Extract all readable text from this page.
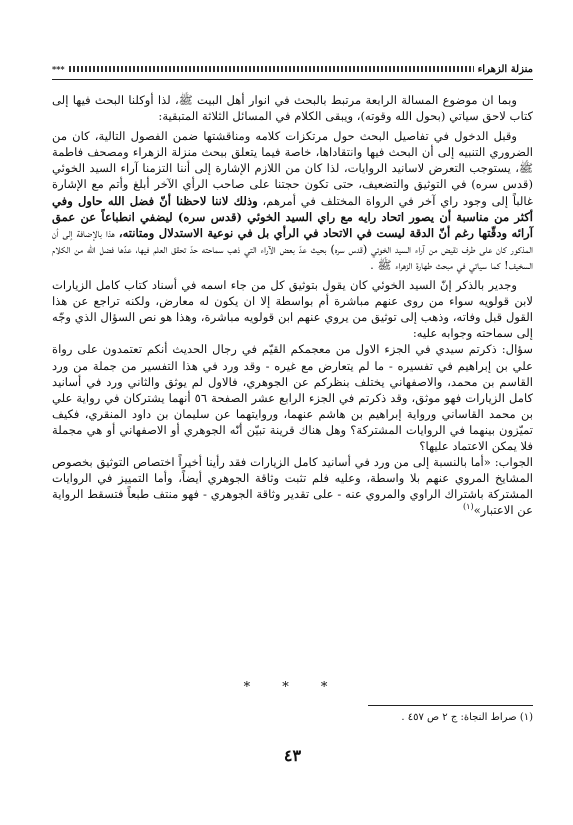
منزلة الزهراء
***

وبما ان موضوع المسالة الرابعة مرتبط بالبحث في انوار أهل البيت ﷺ، لذا أوكلنا البحث فيها إلى كتاب لاحق سياتي (بحول الله وقوته)، ويبقى الكلام في المسائل الثلاثة المتبقية:

وقبل الدخول في تفاصيل البحث حول مرتكزات كلامه ومناقشتها ضمن الفصول التالية، كان من الضروري التنبيه إلى أن البحث فيها وانتقاداها، خاصة فيما يتعلق ببحث منزلة الزهراء ومصحف فاطمة ﷺ، يستوجب التعرض لاسانيد الروايات، لذا كان من اللازم الإشارة إلى أننا التزمنا آراء السيد الخوئي (قدس سره) في التوثيق والتضعيف، حتى تكون حجتنا على صاحب الرأي الآخر أبلغ وأتم مع الإشارة غالباً إلى وجود راي آخر في الرواة المختلف في أمرهم، وذلك لاننا لاحظنا أنّ فضل الله حاول وفي أكثر من مناسبة أن يصور اتحاد رايه مع راي السيد الخوئي (قدس سره) ليضفي انطباعاً عن عمق آرائه ودقّتها رغم أنّ الدقة ليست في الاتحاد في الرأي بل في نوعية الاستدلال ومتانته، هذا بالإضافة إلى أن المذكور كان على طرف نقيض من آراء السيد الخوئي (قدس سره) بحيث عدّ بعض الآراء التي ذهب سماحته حدّ تحقق العلم فيها، عدّها فضل الله من الكلام السخيف! كما سياتي في مبحث طهارة الزهراء ﷺ .

وجدير بالذكر إنّ السيد الخوئي كان يقول بتوثيق كل من جاء اسمه في أسناد كتاب كامل الزيارات لابن قولويه سواء من روى عنهم مباشرة أم بواسطة إلا ان يكون له معارض، ولكنه تراجع عن هذا القول قبل وفاته، وذهب إلى توثيق من يروي عنهم ابن قولويه مباشرة، وهذا هو نص السؤال الذي وجّه إلى سماحته وجوابه عليه:

سؤال: ذكرتم سيدي في الجزء الاول من معجمكم القيّم في رجال الحديث أنكم تعتمدون على رواة علي بن إبراهيم في تفسيره - ما لم يتعارض مع غيره - وقد ورد في هذا التفسير من جملة من ورد القاسم بن محمد، والاصفهاني يختلف بنظركم عن الجوهري، فالاول لم يوثق والثاني ورد في أسانيد كامل الزيارات فهو موثق، وقد ذكرتم في الجزء الرابع عشر الصفحة ٥٦ أنهما يشتركان في رواية علي بن محمد القاساني ورواية إبراهيم بن هاشم عنهما، وروايتهما عن سليمان بن داود المنقري، فكيف تميّزون بينهما في الروايات المشتركة؟ وهل هناك قرينة تبيّن أنّه الجوهري أو الاصفهاني أو هي مجملة فلا يمكن الاعتماد عليها؟

الجواب: «أما بالنسبة إلى من ورد في أسانيد كامل الزيارات فقد رأينا أخيراً اختصاص التوثيق بخصوص المشايخ المروي عنهم بلا واسطة، وعليه فلم تثبت وثاقة الجوهري أيضاً، وأما التمييز في الروايات المشتركة باشتراك الراوي والمروي عنه - على تقدير وثاقة الجوهري - فهو منتف طبعاً فتسقط الرواية عن الاعتبار»$^{(١)}$

* * *
(١) صراط النجاة: ج ٢ ص ٤٥٧ .
٤٣
